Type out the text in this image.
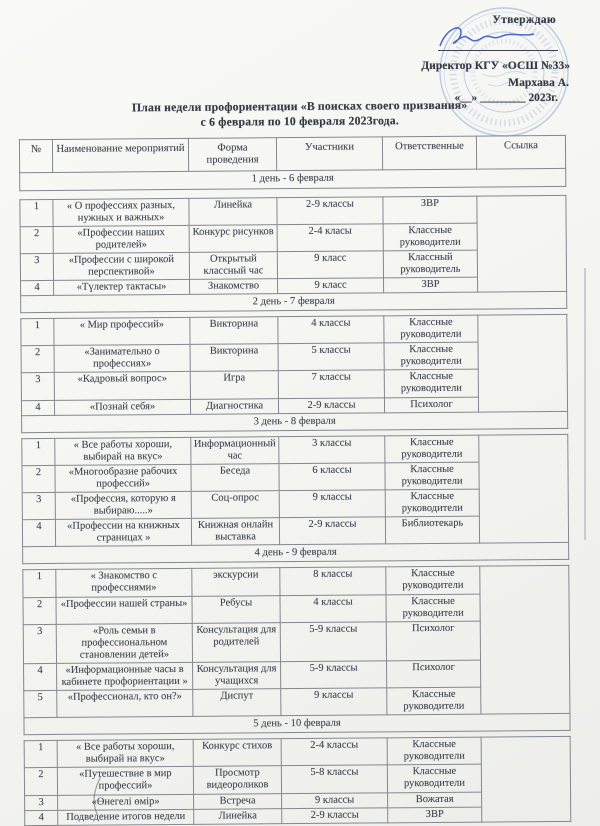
Утверждаю
Директор КГУ «ОСШ №33»
Мархава А.
«__» ________ 2023г.
План недели профориентации «В поисках своего призвания»
с 6 февраля по 10 февраля 2023года.
№	Наименование мероприятий	Форма проведения	Участники	Ответственные	Ссылка
1 день - 6 февраля
1	« О профессиях разных, нужных и важных»	Линейка	2-9 классы	ЗВР	
2	«Профессии наших родителей»	Конкурс рисунков	2-4 класы	Классные руководители	
3	«Профессии с широкой перспективой»	Открытый классный час	9 класс	Классный руководитель	
4	«Түлектер тактасы»	Знакомство	9 класс	ЗВР	
2 день - 7 февраля					
1	« Мир профессий»	Викторина	4 классы	Классные руководители	
2	«Занимательно о профессиях»	Викторина	5 классы	Классные руководители	
3	«Кадровый вопрос»	Игра	7 классы	Классные руководители	
4	«Познай себя»	Диагностика	2-9 классы	Психолог	
3 день - 8 февраля					
1	« Все работы хороши, выбирай на вкус»	Информационный час	3 классы	Классные руководители	
2	«Многообразие рабочих профессий»	Беседа	6 классы	Классные руководители	
3	«Профессия, которую я выбираю.....»	Соц-опрос	9 классы	Классные руководители	
4	«Профессии на книжных страницах »	Книжная онлайн выставка	2-9 классы	Библиотекарь	
4 день - 9 февраля					
1	« Знакомство с профессиями»	экскурсии	8 классы	Классные руководители	
2	«Профессии нашей страны»	Ребусы	4 классы	Классные руководители	
3	«Роль семьи в профессиональном становлении детей»	Консультация для родителей	5-9 классы	Психолог	
4	«Информационные часы в кабинете профориентации »	Консультация для учащихся	5-9 классы	Психолог	
5	«Профессионал, кто он?»	Диспут	9 классы	Классные руководители	
5 день - 10 февраля					
1	« Все работы хороши, выбирай на вкус»	Конкурс стихов	2-4 классы	Классные руководители	
2	«Путешествие в мир профессий»	Просмотр видеороликов	5-8 классы	Классные руководители	
3	«Өнегелі өмір»	Встреча	9 классы	Вожатая	
4	Подведение итогов недели	Линейка	2-9 классы	ЗВР	
